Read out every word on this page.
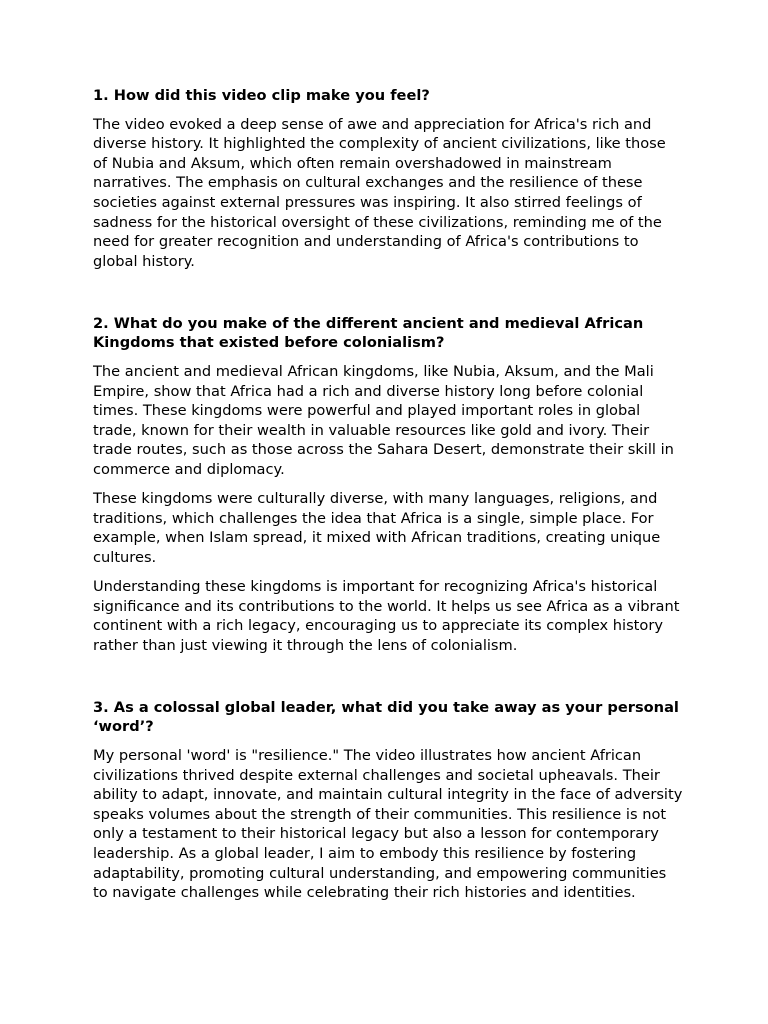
1. How did this video clip make you feel?

The video evoked a deep sense of awe and appreciation for Africa's rich and diverse history. It highlighted the complexity of ancient civilizations, like those of Nubia and Aksum, which often remain overshadowed in mainstream narratives. The emphasis on cultural exchanges and the resilience of these societies against external pressures was inspiring. It also stirred feelings of sadness for the historical oversight of these civilizations, reminding me of the need for greater recognition and understanding of Africa's contributions to global history.

2. What do you make of the different ancient and medieval African Kingdoms that existed before colonialism?

The ancient and medieval African kingdoms, like Nubia, Aksum, and the Mali Empire, show that Africa had a rich and diverse history long before colonial times. These kingdoms were powerful and played important roles in global trade, known for their wealth in valuable resources like gold and ivory. Their trade routes, such as those across the Sahara Desert, demonstrate their skill in commerce and diplomacy.

These kingdoms were culturally diverse, with many languages, religions, and traditions, which challenges the idea that Africa is a single, simple place. For example, when Islam spread, it mixed with African traditions, creating unique cultures.

Understanding these kingdoms is important for recognizing Africa's historical significance and its contributions to the world. It helps us see Africa as a vibrant continent with a rich legacy, encouraging us to appreciate its complex history rather than just viewing it through the lens of colonialism.

3. As a colossal global leader, what did you take away as your personal ‘word’?

My personal 'word' is "resilience." The video illustrates how ancient African civilizations thrived despite external challenges and societal upheavals. Their ability to adapt, innovate, and maintain cultural integrity in the face of adversity speaks volumes about the strength of their communities. This resilience is not only a testament to their historical legacy but also a lesson for contemporary leadership. As a global leader, I aim to embody this resilience by fostering adaptability, promoting cultural understanding, and empowering communities to navigate challenges while celebrating their rich histories and identities.
